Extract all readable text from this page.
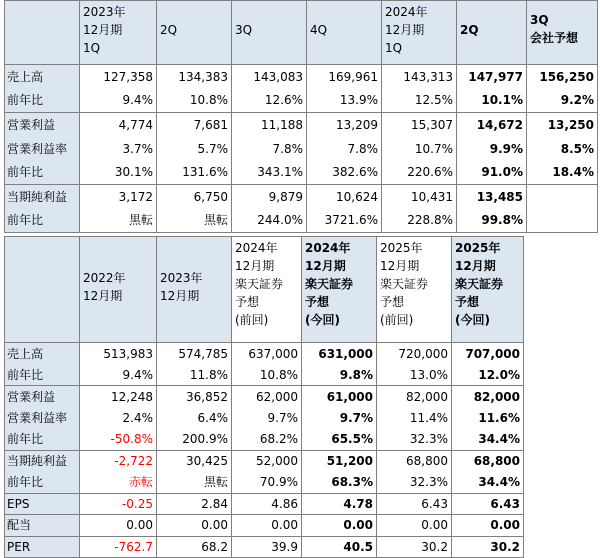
	2023年
12月期
1Q	2Q	3Q	4Q	2024年
12月期
1Q	2Q	3Q
会社予想

売上高	127,358	134,383	143,083	169,961	143,313	147,977	156,250
前年比	9.4%	10.8%	12.6%	13.9%	12.5%	10.1%	9.2%
営業利益	4,774	7,681	11,188	13,209	15,307	14,672	13,250
営業利益率	3.7%	5.7%	7.8%	7.8%	10.7%	9.9%	8.5%
前年比	30.1%	131.6%	343.1%	382.6%	220.6%	91.0%	18.4%
当期純利益	3,172	6,750	9,879	10,624	10,431	13,485	
前年比	黒転	黒転	244.0%	3721.6%	228.8%	99.8%	

	2022年
12月期	2023年
12月期	2024年
12月期
楽天証券
予想
(前回)	2024年
12月期
楽天証券
予想
(今回)	2025年
12月期
楽天証券
予想
(前回)	2025年
12月期
楽天証券
予想
(今回)

売上高	513,983	574,785	637,000	631,000	720,000	707,000
前年比	9.4%	11.8%	10.8%	9.8%	13.0%	12.0%
営業利益	12,248	36,852	62,000	61,000	82,000	82,000
営業利益率	2.4%	6.4%	9.7%	9.7%	11.4%	11.6%
前年比	-50.8%	200.9%	68.2%	65.5%	32.3%	34.4%
当期純利益	-2,722	30,425	52,000	51,200	68,800	68,800
前年比	赤転	黒転	70.9%	68.3%	32.3%	34.4%
EPS	-0.25	2.84	4.86	4.78	6.43	6.43
配当	0.00	0.00	0.00	0.00	0.00	0.00
PER	-762.7	68.2	39.9	40.5	30.2	30.2
